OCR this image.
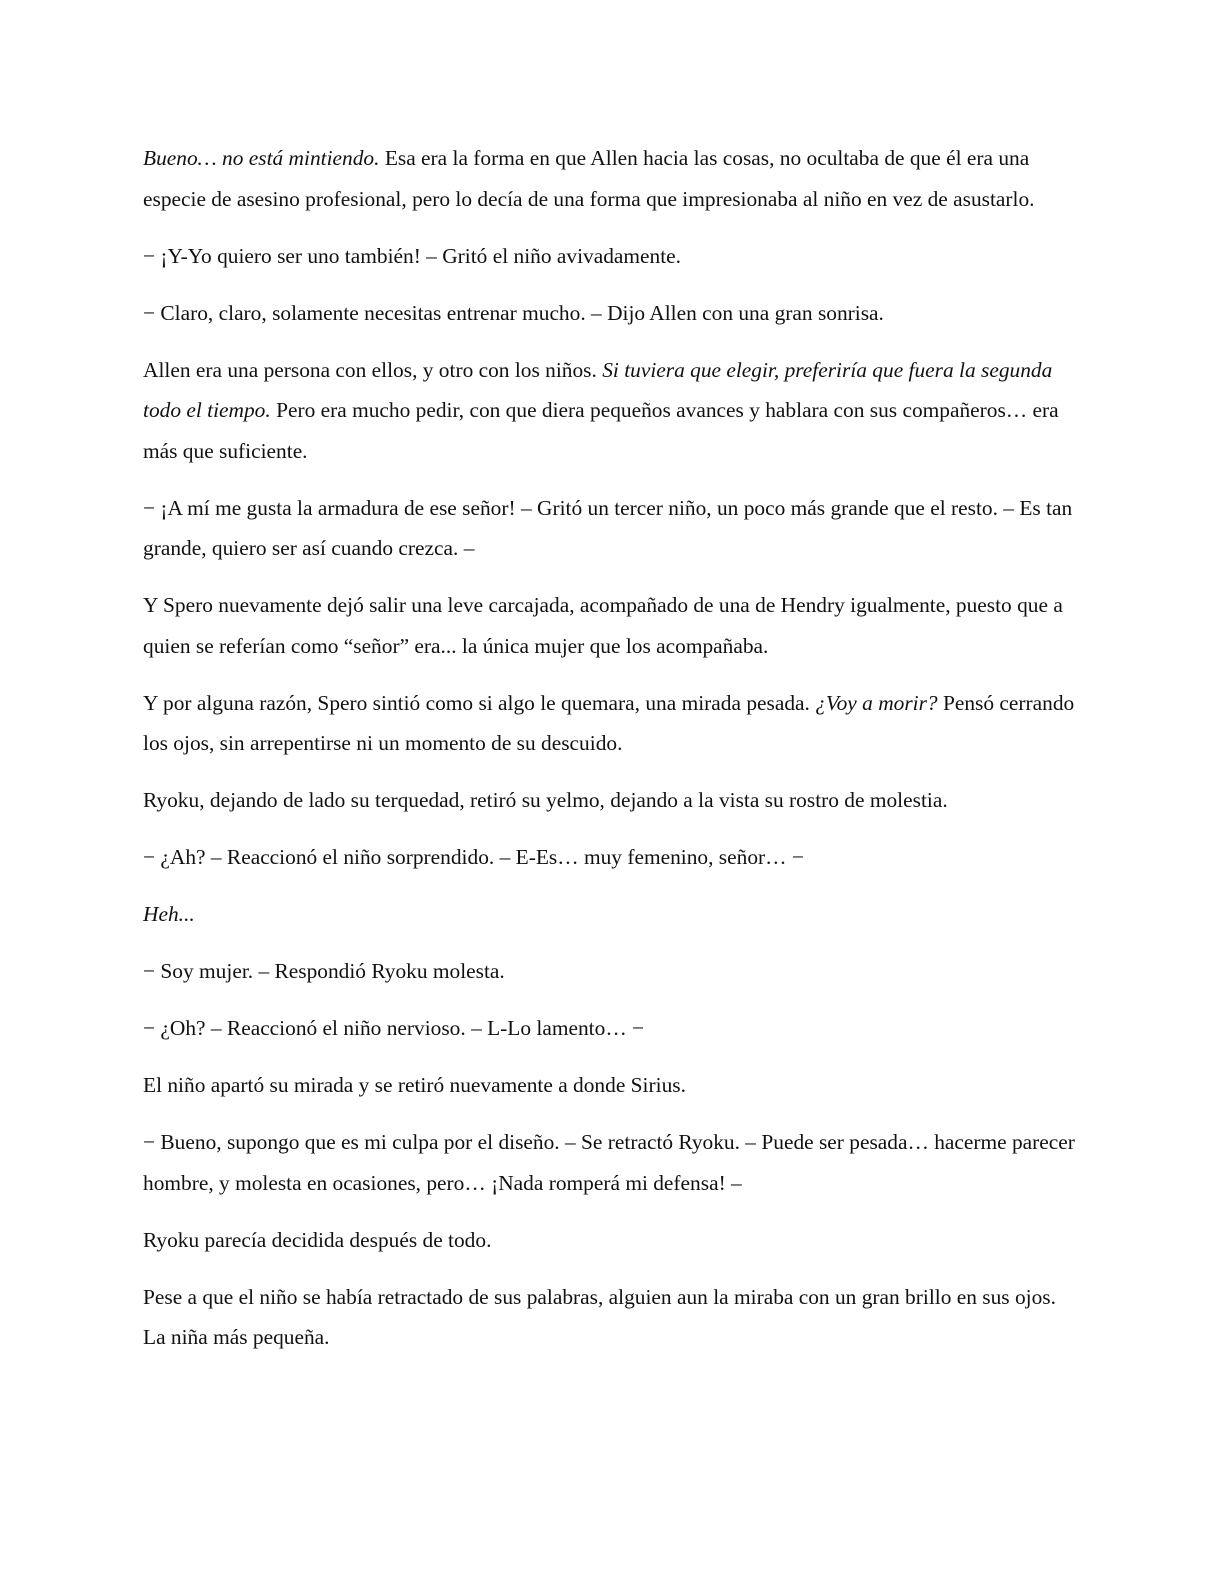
Bueno… no está mintiendo. Esa era la forma en que Allen hacia las cosas, no ocultaba de que él era una especie de asesino profesional, pero lo decía de una forma que impresionaba al niño en vez de asustarlo.

− ¡Y-Yo quiero ser uno también! – Gritó el niño avivadamente.

− Claro, claro, solamente necesitas entrenar mucho. – Dijo Allen con una gran sonrisa.

Allen era una persona con ellos, y otro con los niños. Si tuviera que elegir, preferiría que fuera la segunda todo el tiempo. Pero era mucho pedir, con que diera pequeños avances y hablara con sus compañeros… era más que suficiente.

− ¡A mí me gusta la armadura de ese señor! – Gritó un tercer niño, un poco más grande que el resto. – Es tan grande, quiero ser así cuando crezca. –

Y Spero nuevamente dejó salir una leve carcajada, acompañado de una de Hendry igualmente, puesto que a quien se referían como “señor” era... la única mujer que los acompañaba.

Y por alguna razón, Spero sintió como si algo le quemara, una mirada pesada. ¿Voy a morir? Pensó cerrando los ojos, sin arrepentirse ni un momento de su descuido.

Ryoku, dejando de lado su terquedad, retiró su yelmo, dejando a la vista su rostro de molestia.

− ¿Ah? – Reaccionó el niño sorprendido. – E-Es… muy femenino, señor… −

Heh...

− Soy mujer. – Respondió Ryoku molesta.

− ¿Oh? – Reaccionó el niño nervioso. – L-Lo lamento… −

El niño apartó su mirada y se retiró nuevamente a donde Sirius.

− Bueno, supongo que es mi culpa por el diseño. – Se retractó Ryoku. – Puede ser pesada… hacerme parecer hombre, y molesta en ocasiones, pero… ¡Nada romperá mi defensa! –

Ryoku parecía decidida después de todo.

Pese a que el niño se había retractado de sus palabras, alguien aun la miraba con un gran brillo en sus ojos. La niña más pequeña.
